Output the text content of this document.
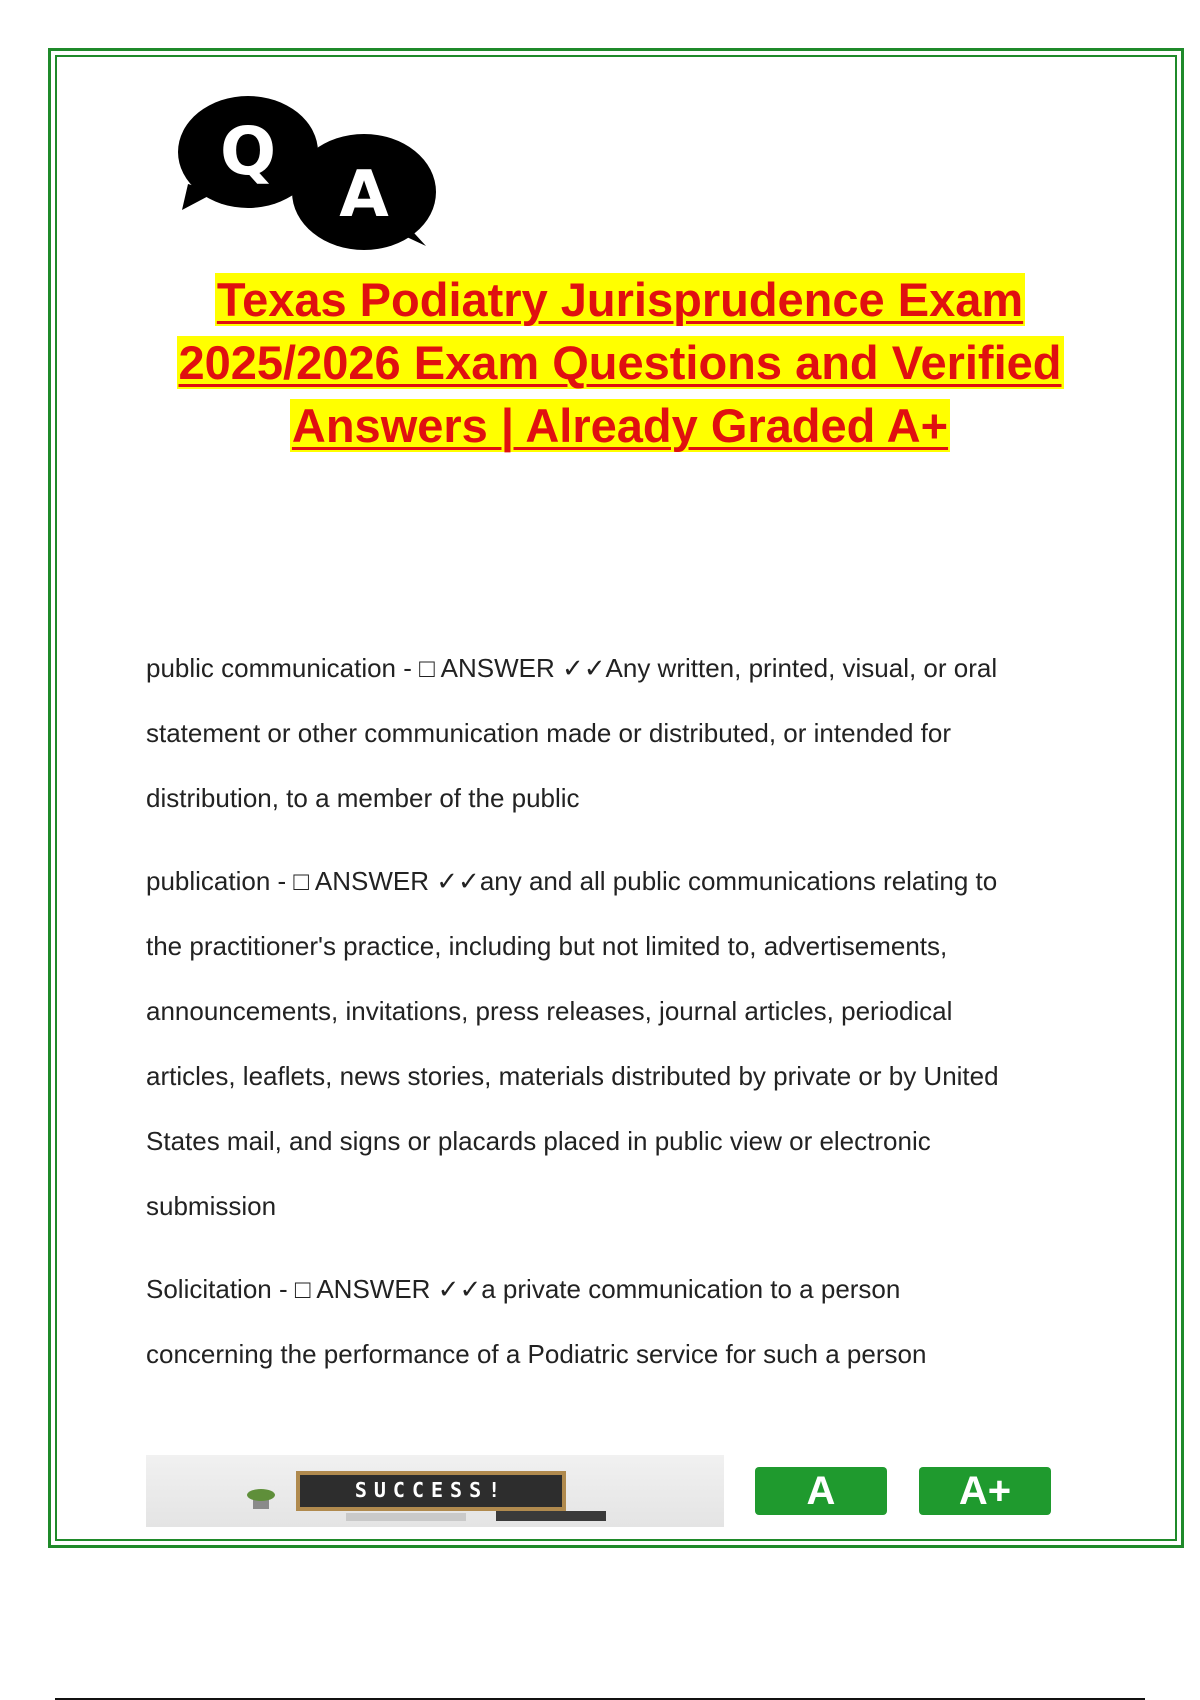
Q
A
Texas Podiatry Jurisprudence Exam
2025/2026 Exam Questions and Verified
Answers | Already Graded A+
public communication - □ ANSWER ✓✓Any written, printed, visual, or oral
statement or other communication made or distributed, or intended for
distribution, to a member of the public
publication - □ ANSWER ✓✓any and all public communications relating to
the practitioner's practice, including but not limited to, advertisements,
announcements, invitations, press releases, journal articles, periodical
articles, leaflets, news stories, materials distributed by private or by United
States mail, and signs or placards placed in public view or electronic
submission
Solicitation - □ ANSWER ✓✓a private communication to a person
concerning the performance of a Podiatric service for such a person
SUCCESS!	A	A+
